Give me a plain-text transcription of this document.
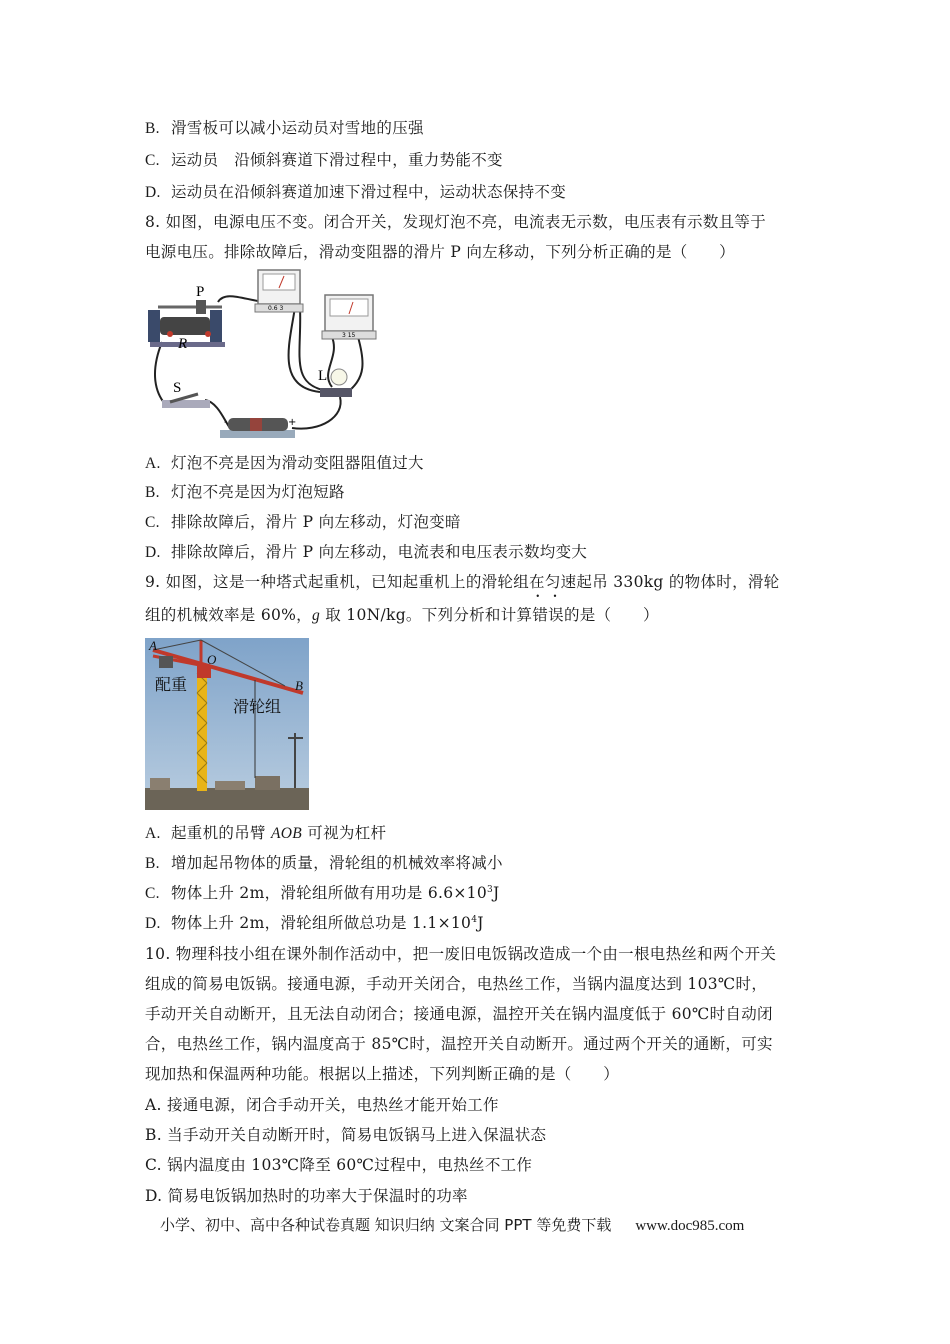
B. 滑雪板可以减小运动员对雪地的压强
C. 运动员　沿倾斜赛道下滑过程中，重力势能不变
D. 运动员在沿倾斜赛道加速下滑过程中，运动状态保持不变
8. 如图，电源电压不变。闭合开关，发现灯泡不亮，电流表无示数，电压表有示数且等于
电源电压。排除故障后，滑动变阻器的滑片 P 向左移动，下列分析正确的是（　　）
P
R
0.6 3
3 15
L
S
-	+
A. 灯泡不亮是因为滑动变阻器阻值过大
B. 灯泡不亮是因为灯泡短路
C. 排除故障后，滑片 P 向左移动，灯泡变暗
D. 排除故障后，滑片 P 向左移动，电流表和电压表示数均变大
9. 如图，这是一种塔式起重机，已知起重机上的滑轮组在匀速起吊 330kg 的物体时，滑轮
组的机械效率是 60%，g 取 10N/kg。下列分析和计算• • 错误的是（　　）
A
O
B
配重
滑轮组
A. 起重机的吊臂 AOB 可视为杠杆
B. 增加起吊物体的质量，滑轮组的机械效率将减小
C. 物体上升 2m，滑轮组所做有用功是 $6.6\times 10^3J$
D. 物体上升 2m，滑轮组所做总功是 $1.1\times 10^4J$
10. 物理科技小组在课外制作活动中，把一废旧电饭锅改造成一个由一根电热丝和两个开关
组成的简易电饭锅。接通电源，手动开关闭合，电热丝工作，当锅内温度达到 103℃时，
手动开关自动断开，且无法自动闭合；接通电源，温控开关在锅内温度低于 60℃时自动闭
合，电热丝工作，锅内温度高于 85℃时，温控开关自动断开。通过两个开关的通断，可实
现加热和保温两种功能。根据以上描述，下列判断正确的是（　　）
A. 接通电源，闭合手动开关，电热丝才能开始工作
B. 当手动开关自动断开时，简易电饭锅马上进入保温状态
C. 锅内温度由 103℃降至 60℃过程中，电热丝不工作
D. 简易电饭锅加热时的功率大于保温时的功率
小学、初中、高中各种试卷真题 知识归纳 文案合同 PPT 等免费下载 www.doc985.com
